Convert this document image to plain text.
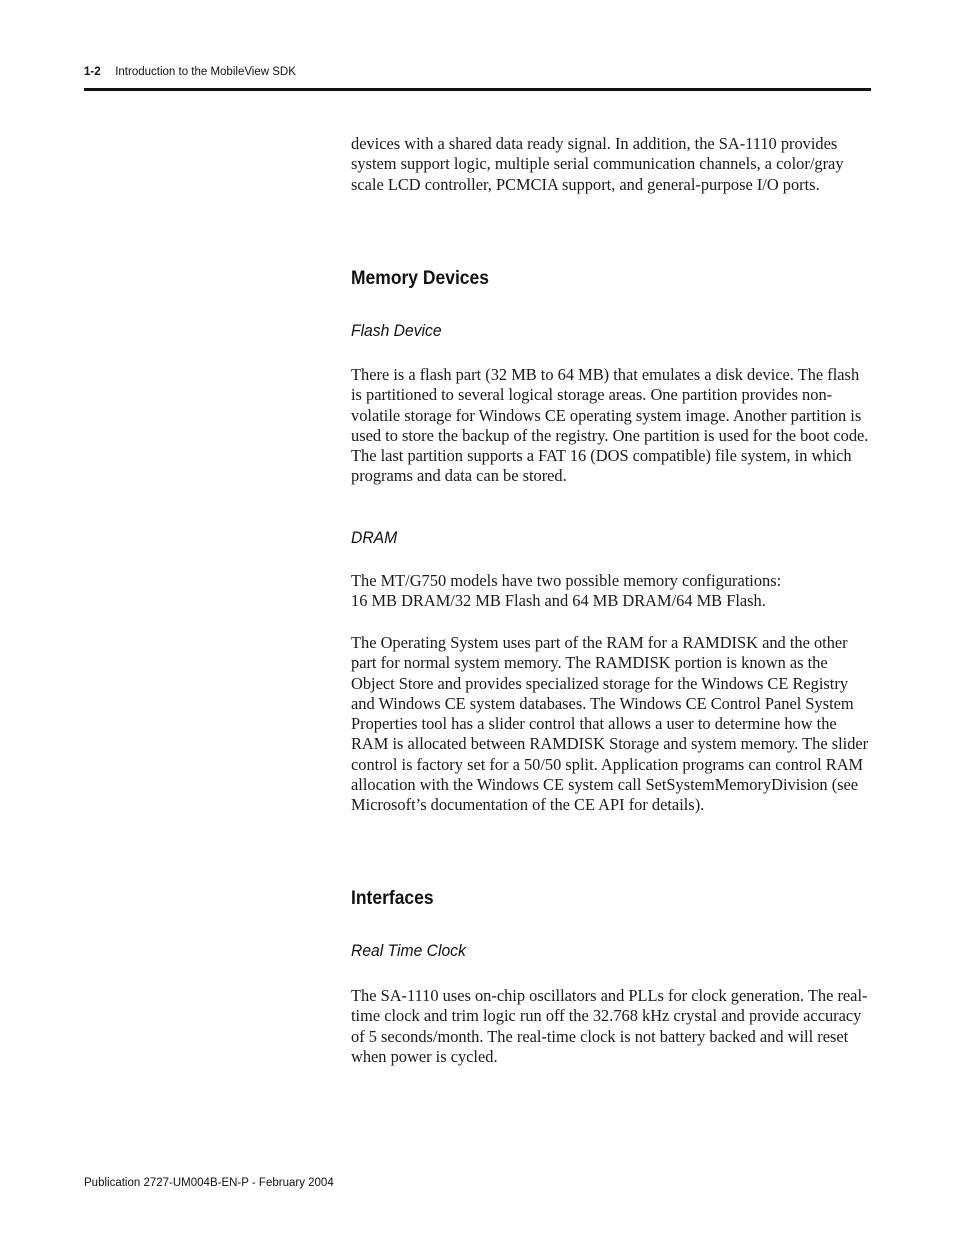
1-2 Introduction to the MobileView SDK

devices with a shared data ready signal. In addition, the SA-1110 provides system support logic, multiple serial communication channels, a color/gray scale LCD controller, PCMCIA support, and general-purpose I/O ports.

Memory Devices
Flash Device

There is a flash part (32 MB to 64 MB) that emulates a disk device. The flash is partitioned to several logical storage areas. One partition provides non-volatile storage for Windows CE operating system image. Another partition is used to store the backup of the registry. One partition is used for the boot code. The last partition supports a FAT 16 (DOS compatible) file system, in which programs and data can be stored.

DRAM
The MT/G750 models have two possible memory configurations:
16 MB DRAM/32 MB Flash and 64 MB DRAM/64 MB Flash.

The Operating System uses part of the RAM for a RAMDISK and the other part for normal system memory. The RAMDISK portion is known as the Object Store and provides specialized storage for the Windows CE Registry and Windows CE system databases. The Windows CE Control Panel System Properties tool has a slider control that allows a user to determine how the RAM is allocated between RAMDISK Storage and system memory. The slider control is factory set for a 50/50 split. Application programs can control RAM allocation with the Windows CE system call SetSystemMemoryDivision (see Microsoft’s documentation of the CE API for details).

Interfaces
Real Time Clock

The SA-1110 uses on-chip oscillators and PLLs for clock generation. The real-time clock and trim logic run off the 32.768 kHz crystal and provide accuracy of 5 seconds/month. The real-time clock is not battery backed and will reset when power is cycled.

Publication 2727-UM004B-EN-P - February 2004
